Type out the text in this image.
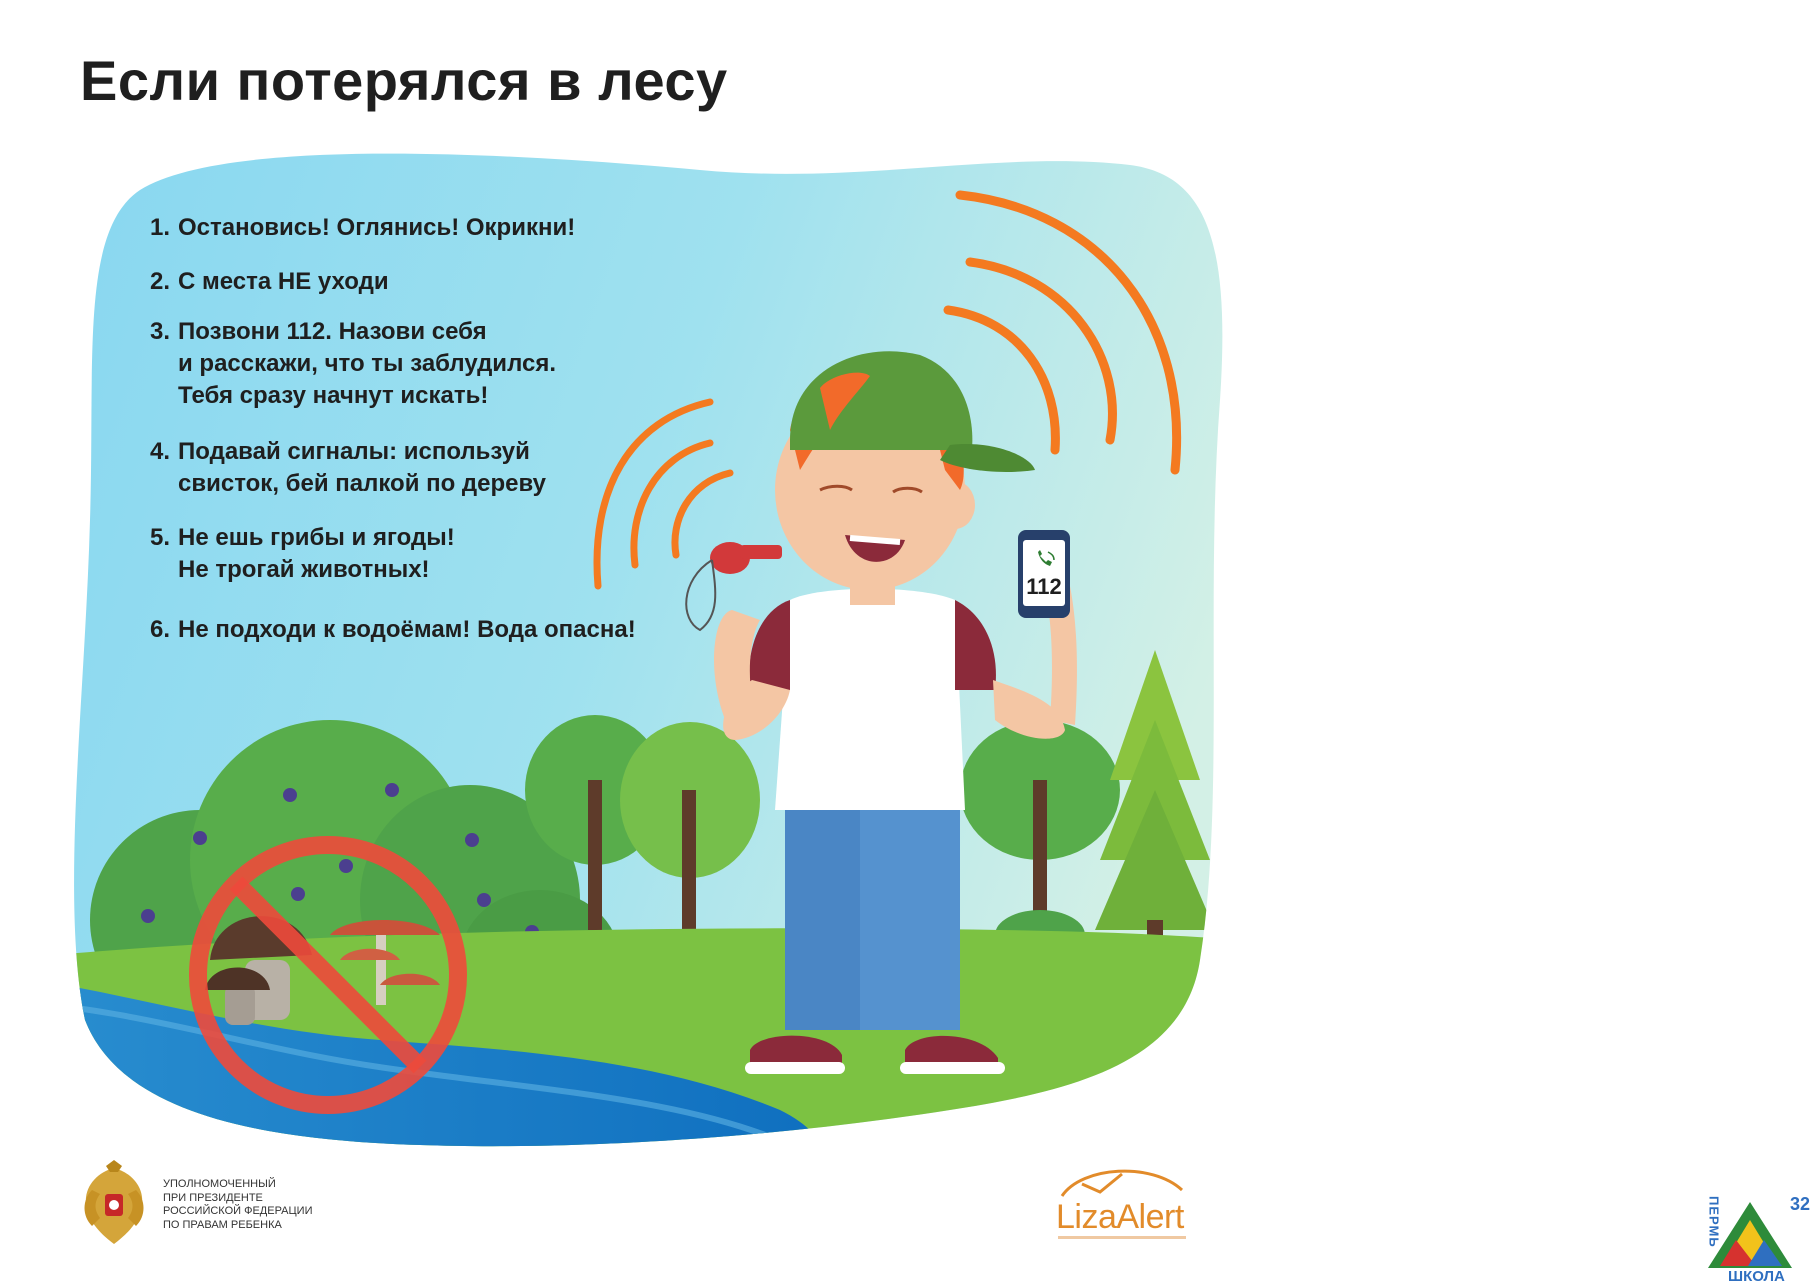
112
Если потерялся в лесу
1. Остановись! Оглянись! Окрикни!
2. С места НЕ уходи
3. Позвони 112. Назови себя
и расскажи, что ты заблудился.
Тебя сразу начнут искать!
4. Подавай сигналы: используй
свисток, бей палкой по дереву
5. Не ешь грибы и ягоды!
Не трогай животных!
6. Не подходи к водоёмам! Вода опасна!
УПОЛНОМОЧЕННЫЙ
ПРИ ПРЕЗИДЕНТЕ
РОССИЙСКОЙ ФЕДЕРАЦИИ
ПО ПРАВАМ РЕБЕНКА	LizaAlert	ПЕРМЬ	32
ШКОЛА
